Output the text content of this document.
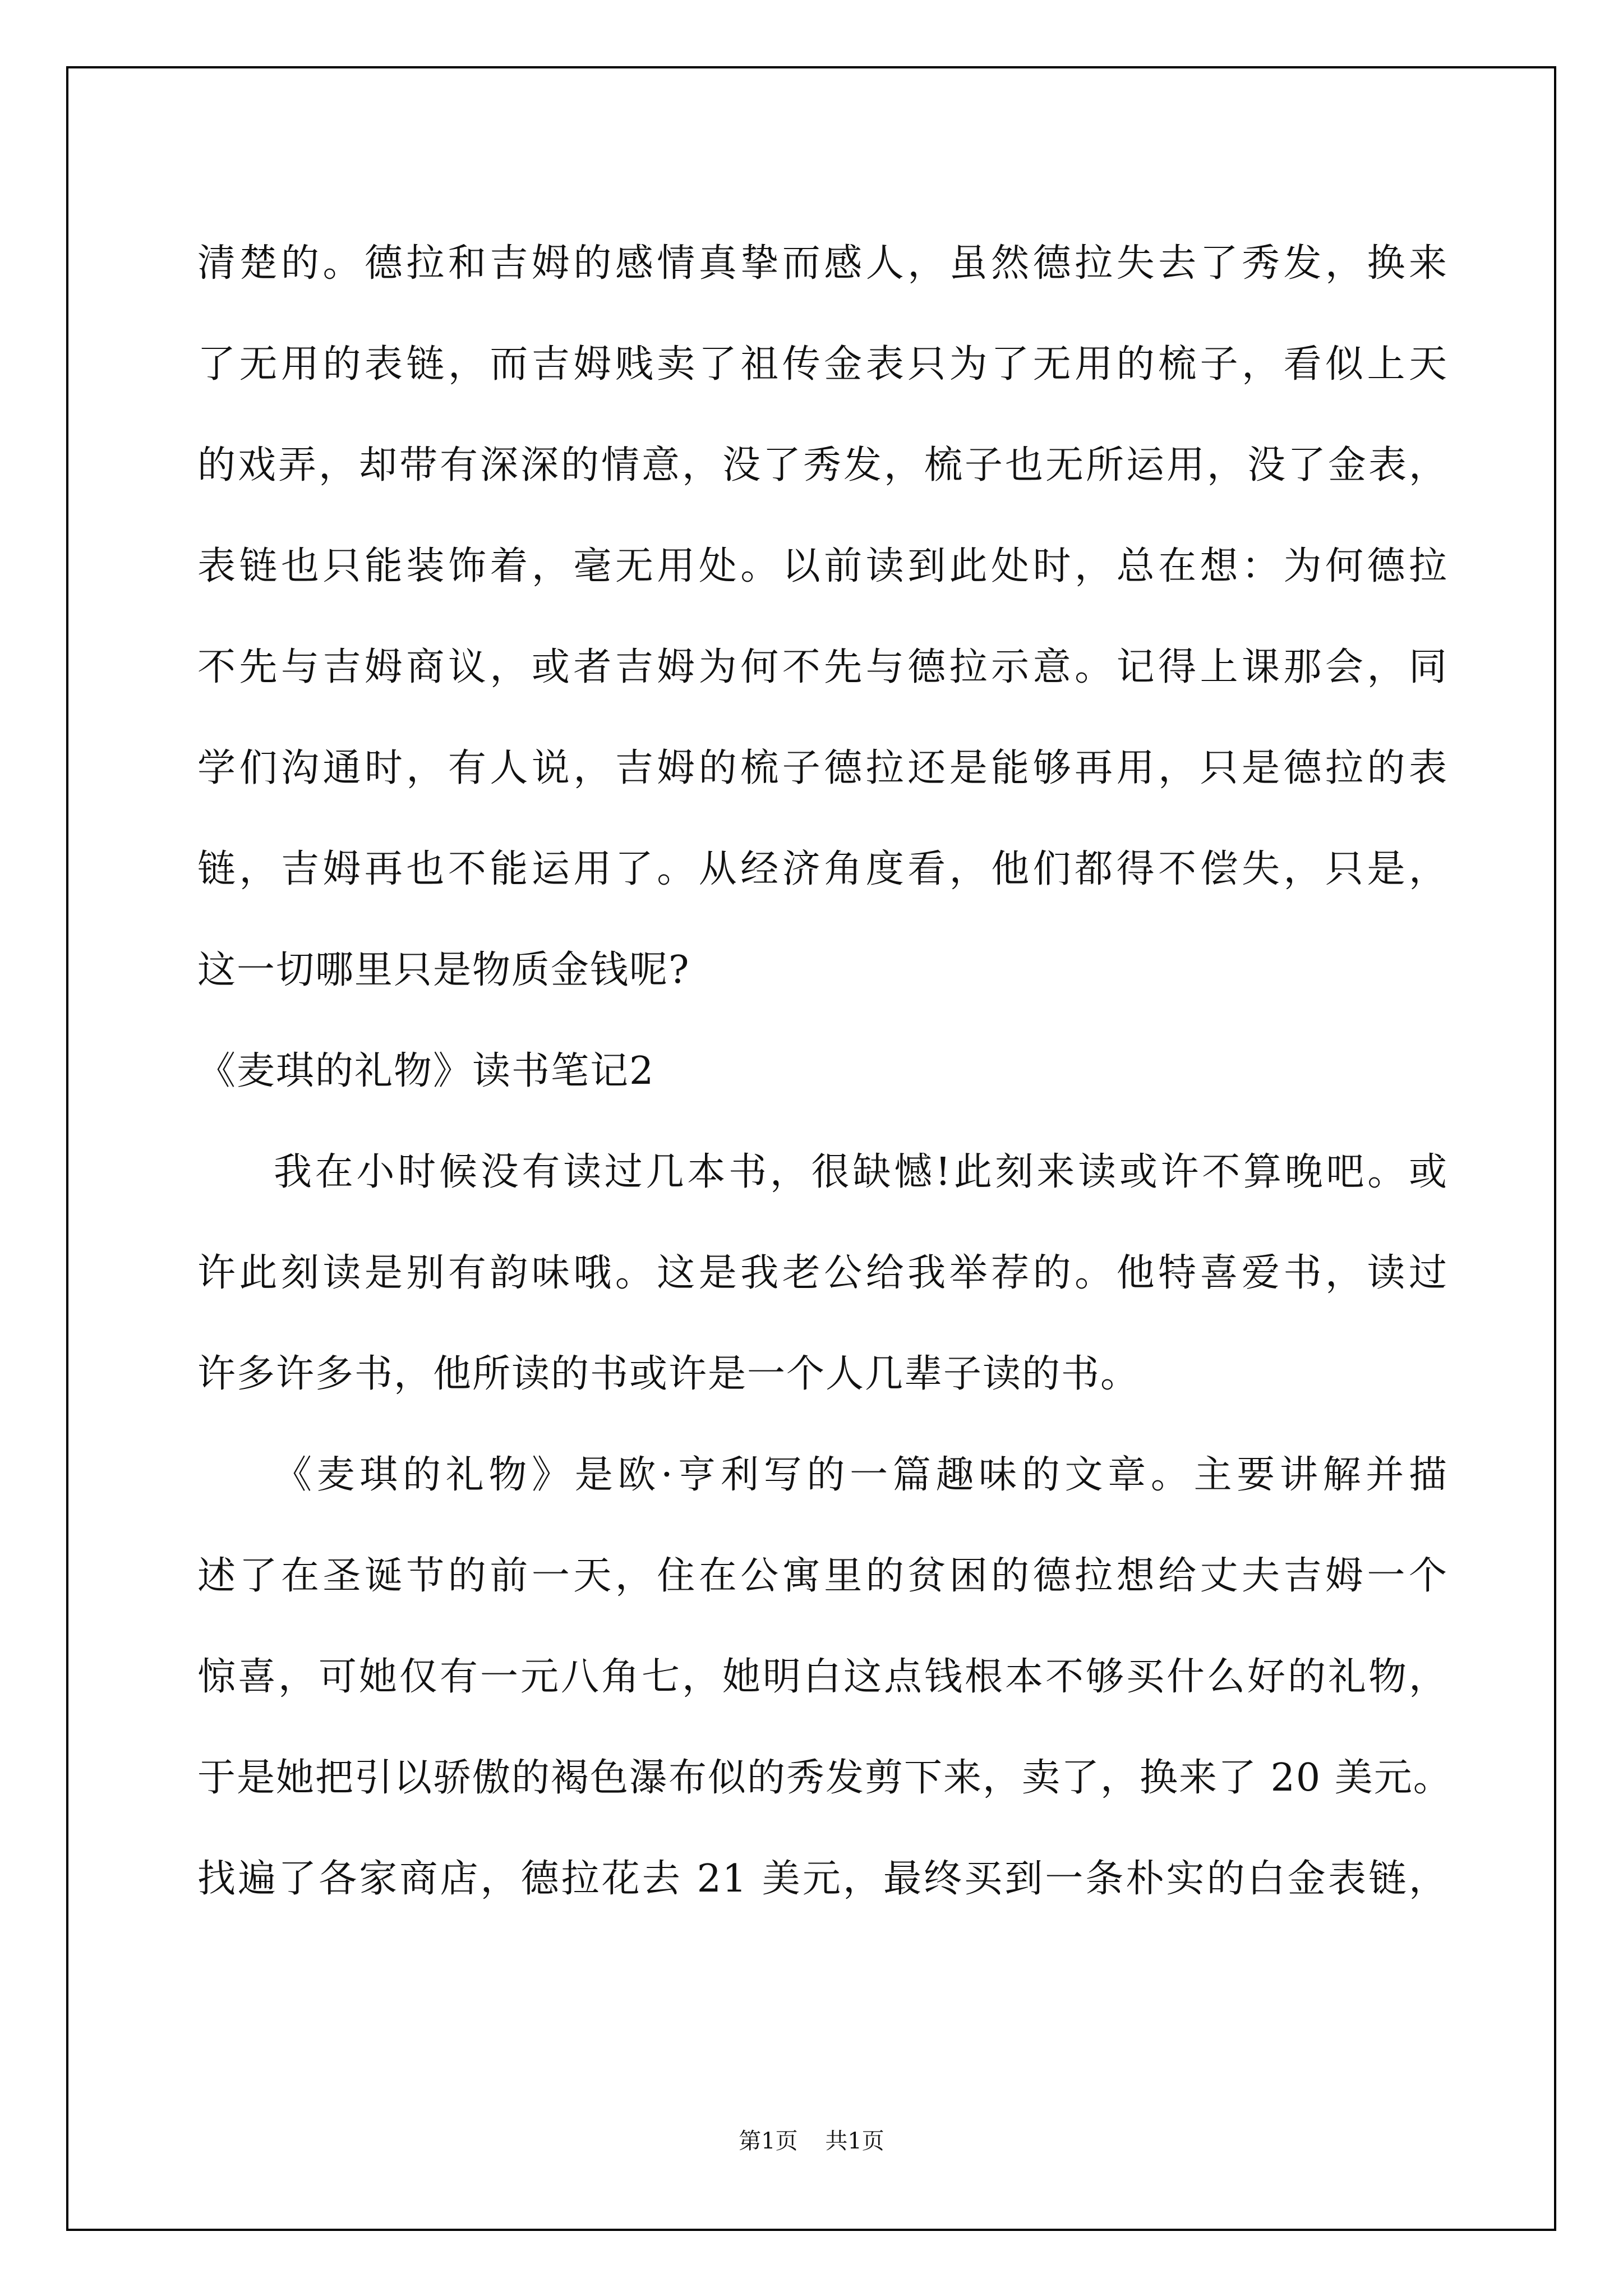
清楚的。德拉和吉姆的感情真挚而感人，虽然德拉失去了秀发，换来
了无用的表链，而吉姆贱卖了祖传金表只为了无用的梳子，看似上天
的戏弄，却带有深深的情意，没了秀发，梳子也无所运用，没了金表，
表链也只能装饰着，毫无用处。以前读到此处时，总在想：为何德拉
不先与吉姆商议，或者吉姆为何不先与德拉示意。记得上课那会，同
学们沟通时，有人说，吉姆的梳子德拉还是能够再用，只是德拉的表
链，吉姆再也不能运用了。从经济角度看，他们都得不偿失，只是，
这一切哪里只是物质金钱呢?
《麦琪的礼物》读书笔记2
我在小时候没有读过几本书，很缺憾!此刻来读或许不算晚吧。或
许此刻读是别有韵味哦。这是我老公给我举荐的。他特喜爱书，读过
许多许多书，他所读的书或许是一个人几辈子读的书。
《麦琪的礼物》是欧·亨利写的一篇趣味的文章。主要讲解并描
述了在圣诞节的前一天，住在公寓里的贫困的德拉想给丈夫吉姆一个
惊喜，可她仅有一元八角七，她明白这点钱根本不够买什么好的礼物，
于是她把引以骄傲的褐色瀑布似的秀发剪下来，卖了，换来了 20 美元。
找遍了各家商店，德拉花去 21 美元，最终买到一条朴实的白金表链，
第1页 共1页
